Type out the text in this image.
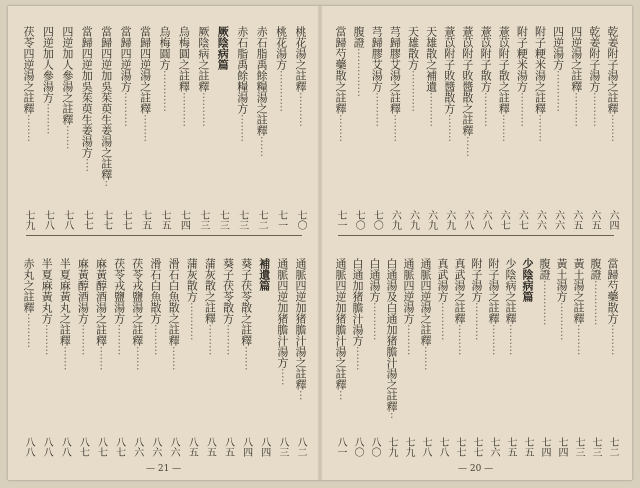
— 21 —
桃花湯之註釋··········
七〇
桃花湯方············
七一
赤石脂禹餘糧湯之註釋······
七二
赤石脂禹餘糧湯方········
七三
厥陰病篇
七三
厥陰病之註釋··········
七三
烏梅圓之註釋··········
七四
烏梅圓方············
七五
當歸四逆湯之註釋········
七五
當歸四逆湯方··········
七七
當歸四逆加吳茱萸生姜湯之註釋··
七七
當歸四逆加吳茱萸生姜湯方····
七七
四逆加人參湯之註釋·······
七八
四逆加人參湯方·········
七八
茯苓四逆湯之註釋········
七九
通脈四逆加猪膽汁湯之註釋···
八二
通脈四逆加猪膽汁湯方·····
八三
補遺篇
八四
葵子茯苓散之註釋·······
八四
葵子茯苓散方·········
八五
蒲灰散之註釋·········
八五
蒲灰散方···········
八五
滑石白魚散之註釋·······
八六
滑石白魚散方·········
八六
茯苓戎鹽湯之註釋·······
八六
茯苓戎鹽湯方·········
八七
麻黃醇酒湯之註釋·······
八七
麻黃醇酒湯方·········
八七
半夏麻黃丸之註釋·······
八八
半夏麻黃丸方·········
八八
赤丸之註釋··········
八八
— 20 —
乾姜附子湯之註釋········
六四
乾姜附子湯方··········
六五
四逆湯之註釋··········
六五
四逆湯方············
六六
附子粳米湯之註釋········
六六
附子粳米湯方··········
六七
薏苡附子散之註釋········
六七
薏苡附子散方··········
六八
薏苡附子敗醬散之註釋······
六八
薏苡附子敗醬散方········
六九
天雄散之補遺··········
六九
天雄散方············
六九
芎歸膠艾湯之註釋········
六九
芎歸膠艾湯方··········
七〇
腹證··············
七〇
當歸芍藥散之註釋········
七一
當歸芍藥散方·········
七二
腹證·············
七三
黃土湯之註釋·········
七三
黃土湯方···········
七四
腹證·············
七四
少陰病篇
七五
少陰病之註釋·········
七五
附子湯之註釋·········
七六
附子湯方···········
七七
真武湯之註釋·········
七七
真武湯方···········
七八
通脈四逆湯之註釋·······
七八
通脈四逆湯方·········
七九
白通湯及白通加猪膽汁湯之註釋··
七九
白通湯方···········
八〇
白通加猪膽汁湯方·······
八〇
通脈四逆加猪膽汁湯之註釋···
八一
